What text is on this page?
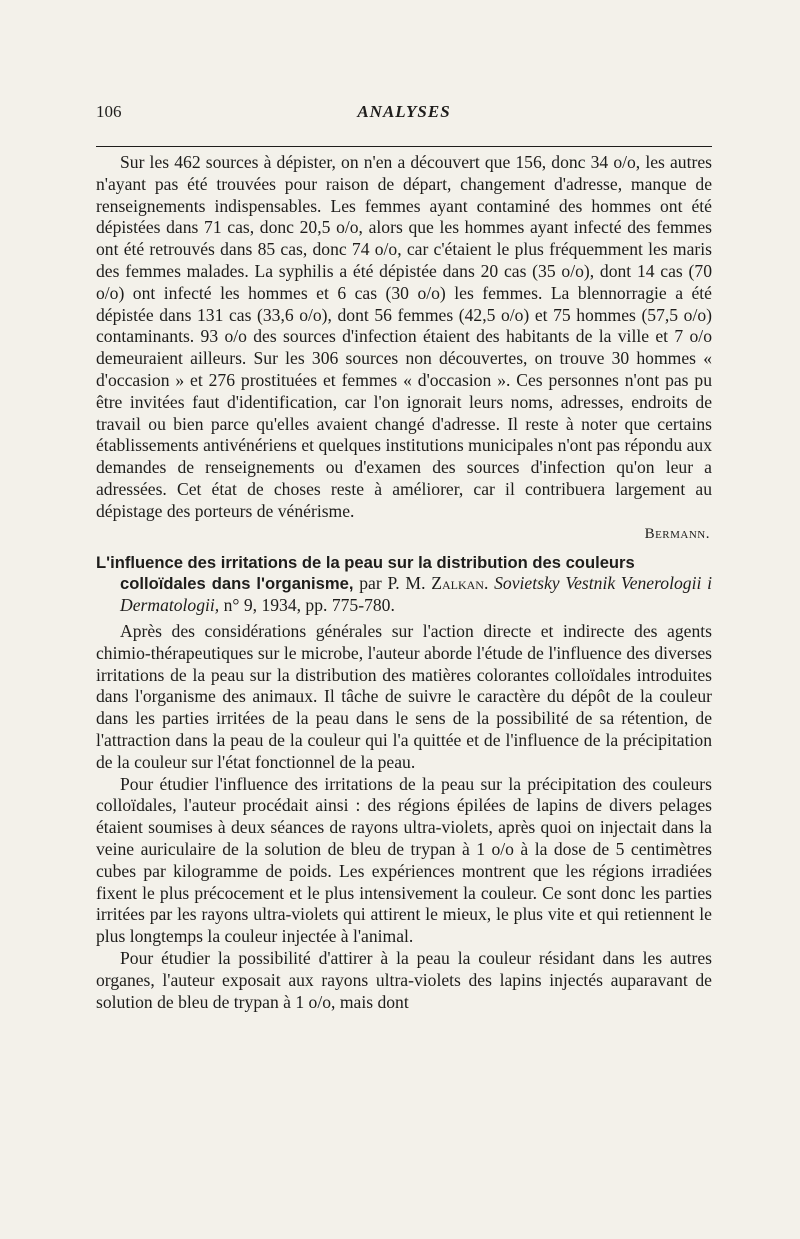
106	ANALYSES

Sur les 462 sources à dépister, on n'en a découvert que 156, donc 34 o/o, les autres n'ayant pas été trouvées pour raison de départ, changement d'adresse, manque de renseignements indispensables. Les femmes ayant contaminé des hommes ont été dépistées dans 71 cas, donc 20,5 o/o, alors que les hommes ayant infecté des femmes ont été retrouvés dans 85 cas, donc 74 o/o, car c'étaient le plus fréquemment les maris des femmes malades. La syphilis a été dépistée dans 20 cas (35 o/o), dont 14 cas (70 o/o) ont infecté les hommes et 6 cas (30 o/o) les femmes. La blennorragie a été dépistée dans 131 cas (33,6 o/o), dont 56 femmes (42,5 o/o) et 75 hommes (57,5 o/o) contaminants. 93 o/o des sources d'infection étaient des habitants de la ville et 7 o/o demeuraient ailleurs. Sur les 306 sources non découvertes, on trouve 30 hommes « d'occasion » et 276 prostituées et femmes « d'occasion ». Ces personnes n'ont pas pu être invitées faut d'identification, car l'on ignorait leurs noms, adresses, endroits de travail ou bien parce qu'elles avaient changé d'adresse. Il reste à noter que certains établissements antivénériens et quelques institutions municipales n'ont pas répondu aux demandes de renseignements ou d'examen des sources d'infection qu'on leur a adressées. Cet état de choses reste à améliorer, car il contribuera largement au dépistage des porteurs de vénérisme.

Bermann.

L'influence des irritations de la peau sur la distribution des couleurs
colloïdales dans l'organisme, par P. M. Zalkan. Sovietsky Vestnik Venerologii i Dermatologii, n° 9, 1934, pp. 775-780.

Après des considérations générales sur l'action directe et indirecte des agents chimio-thérapeutiques sur le microbe, l'auteur aborde l'étude de l'influence des diverses irritations de la peau sur la distribution des matières colorantes colloïdales introduites dans l'organisme des animaux. Il tâche de suivre le caractère du dépôt de la couleur dans les parties irritées de la peau dans le sens de la possibilité de sa rétention, de l'attraction dans la peau de la couleur qui l'a quittée et de l'influence de la précipitation de la couleur sur l'état fonctionnel de la peau.

Pour étudier l'influence des irritations de la peau sur la précipitation des couleurs colloïdales, l'auteur procédait ainsi : des régions épilées de lapins de divers pelages étaient soumises à deux séances de rayons ultra-violets, après quoi on injectait dans la veine auriculaire de la solution de bleu de trypan à 1 o/o à la dose de 5 centimètres cubes par kilogramme de poids. Les expériences montrent que les régions irradiées fixent le plus précocement et le plus intensivement la couleur. Ce sont donc les parties irritées par les rayons ultra-violets qui attirent le mieux, le plus vite et qui retiennent le plus longtemps la couleur injectée à l'animal.

Pour étudier la possibilité d'attirer à la peau la couleur résidant dans les autres organes, l'auteur exposait aux rayons ultra-violets des lapins injectés auparavant de solution de bleu de trypan à 1 o/o, mais dont
